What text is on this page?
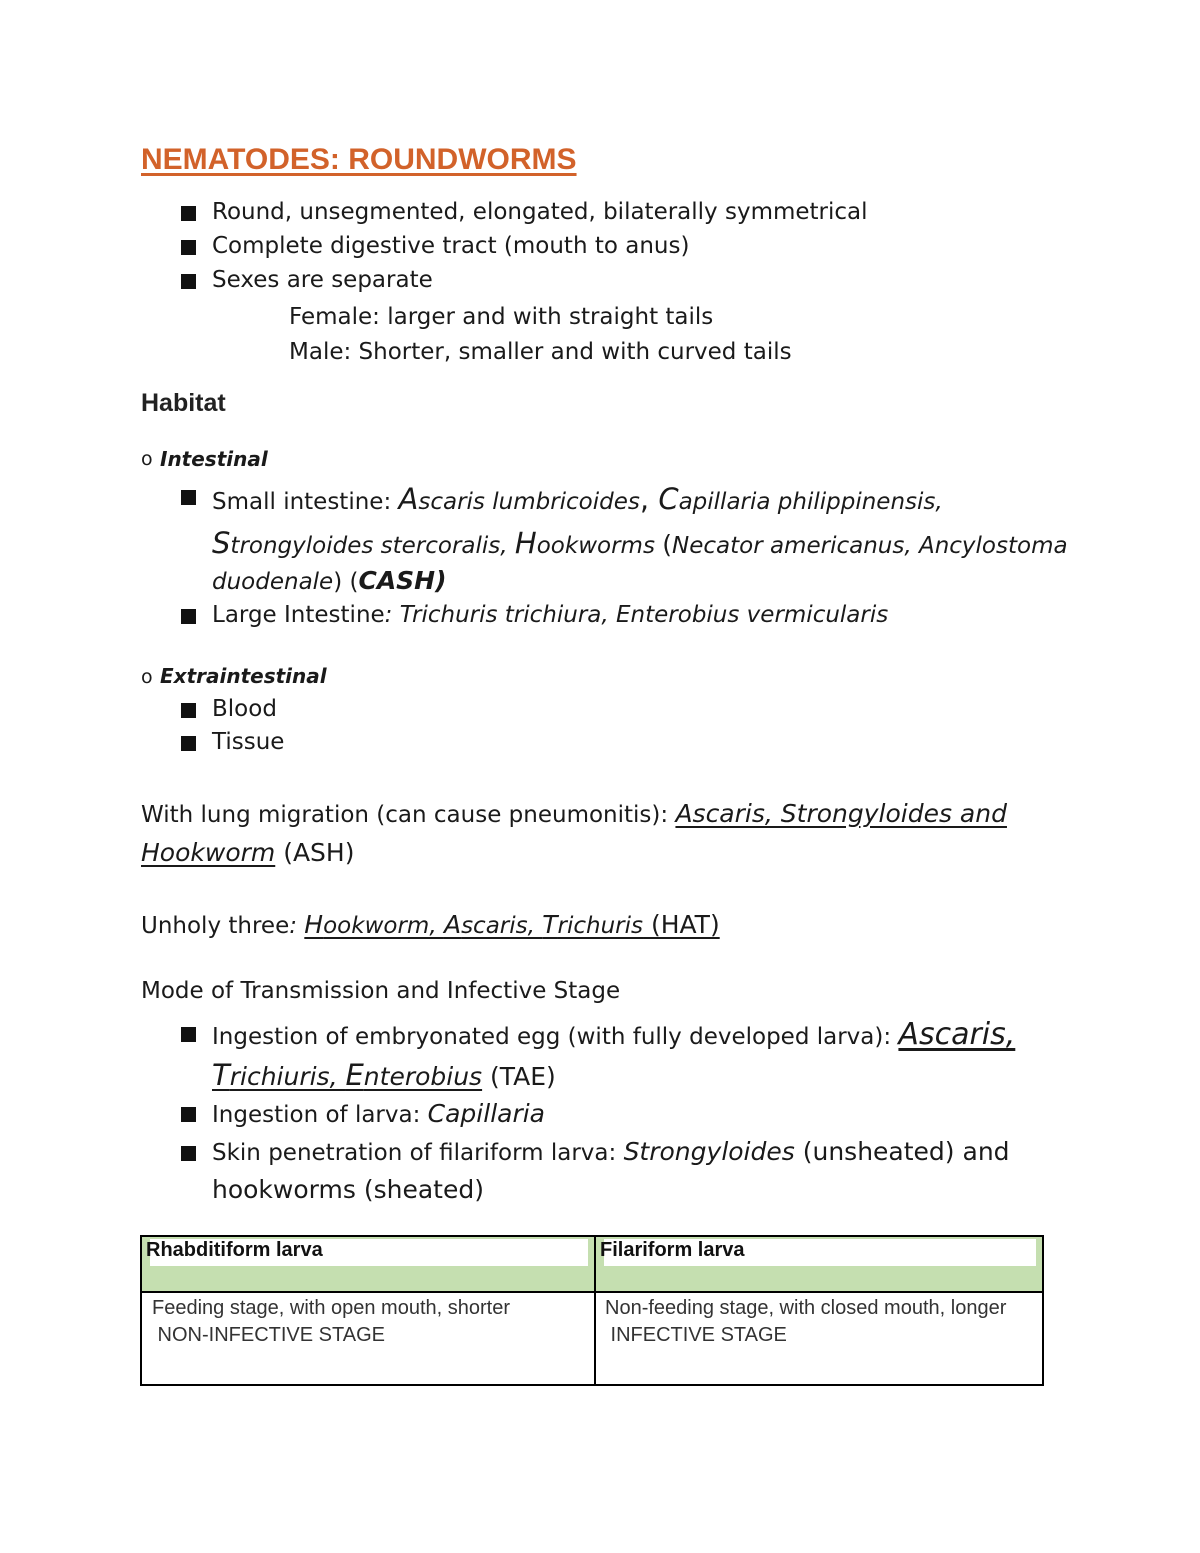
NEMATODES: ROUNDWORMS
Round, unsegmented, elongated, bilaterally symmetrical
Complete digestive tract (mouth to anus)
Sexes are separate
Female: larger and with straight tails
Male: Shorter, smaller and with curved tails
Habitat
o Intestinal
Small intestine: Ascaris lumbricoides, Capillaria philippinensis,
Strongyloides stercoralis, Hookworms (Necator americanus, Ancylostoma
duodenale) (CASH)
Large Intestine: Trichuris trichiura, Enterobius vermicularis
o Extraintestinal
Blood
Tissue
With lung migration (can cause pneumonitis): Ascaris, Strongyloides and
Hookworm (ASH)
Unholy three: Hookworm, Ascaris, Trichuris (HAT)
Mode of Transmission and Infective Stage
Ingestion of embryonated egg (with fully developed larva): Ascaris,
Trichiuris, Enterobius (TAE)
Ingestion of larva: Capillaria
Skin penetration of filariform larva: Strongyloides (unsheated) and
hookworms (sheated)
Rhabditiform larva	Filariform larva
Feeding stage, with open mouth, shorter
NON-INFECTIVE STAGE
Non-feeding stage, with closed mouth, longer
INFECTIVE STAGE
